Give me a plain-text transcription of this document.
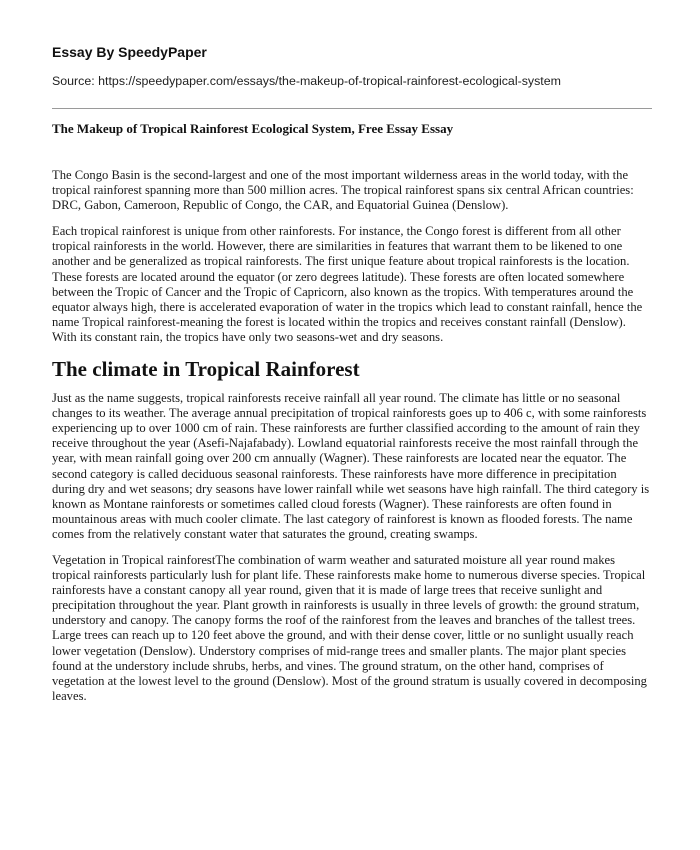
Essay By SpeedyPaper
Source: https://speedypaper.com/essays/the-makeup-of-tropical-rainforest-ecological-system
The Makeup of Tropical Rainforest Ecological System, Free Essay Essay

The Congo Basin is the second-largest and one of the most important wilderness areas in the world today, with the tropical rainforest spanning more than 500 million acres. The tropical rainforest spans six central African countries: DRC, Gabon, Cameroon, Republic of Congo, the CAR, and Equatorial Guinea (Denslow).

Each tropical rainforest is unique from other rainforests. For instance, the Congo forest is different from all other tropical rainforests in the world. However, there are similarities in features that warrant them to be likened to one another and be generalized as tropical rainforests. The first unique feature about tropical rainforests is the location. These forests are located around the equator (or zero degrees latitude). These forests are often located somewhere between the Tropic of Cancer and the Tropic of Capricorn, also known as the tropics. With temperatures around the equator always high, there is accelerated evaporation of water in the tropics which lead to constant rainfall, hence the name Tropical rainforest-meaning the forest is located within the tropics and receives constant rainfall (Denslow). With its constant rain, the tropics have only two seasons-wet and dry seasons.

The climate in Tropical Rainforest

Just as the name suggests, tropical rainforests receive rainfall all year round. The climate has little or no seasonal changes to its weather. The average annual precipitation of tropical rainforests goes up to 406 c, with some rainforests experiencing up to over 1000 cm of rain. These rainforests are further classified according to the amount of rain they receive throughout the year (Asefi-Najafabady). Lowland equatorial rainforests receive the most rainfall through the year, with mean rainfall going over 200 cm annually (Wagner). These rainforests are located near the equator. The second category is called deciduous seasonal rainforests. These rainforests have more difference in precipitation during dry and wet seasons; dry seasons have lower rainfall while wet seasons have high rainfall. The third category is known as Montane rainforests or sometimes called cloud forests (Wagner). These rainforests are often found in mountainous areas with much cooler climate. The last category of rainforest is known as flooded forests. The name comes from the relatively constant water that saturates the ground, creating swamps.

Vegetation in Tropical rainforestThe combination of warm weather and saturated moisture all year round makes tropical rainforests particularly lush for plant life. These rainforests make home to numerous diverse species. Tropical rainforests have a constant canopy all year round, given that it is made of large trees that receive sunlight and precipitation throughout the year. Plant growth in rainforests is usually in three levels of growth: the ground stratum, understory and canopy. The canopy forms the roof of the rainforest from the leaves and branches of the tallest trees. Large trees can reach up to 120 feet above the ground, and with their dense cover, little or no sunlight usually reach lower vegetation (Denslow). Understory comprises of mid-range trees and smaller plants. The major plant species found at the understory include shrubs, herbs, and vines. The ground stratum, on the other hand, comprises of vegetation at the lowest level to the ground (Denslow). Most of the ground stratum is usually covered in decomposing leaves.
